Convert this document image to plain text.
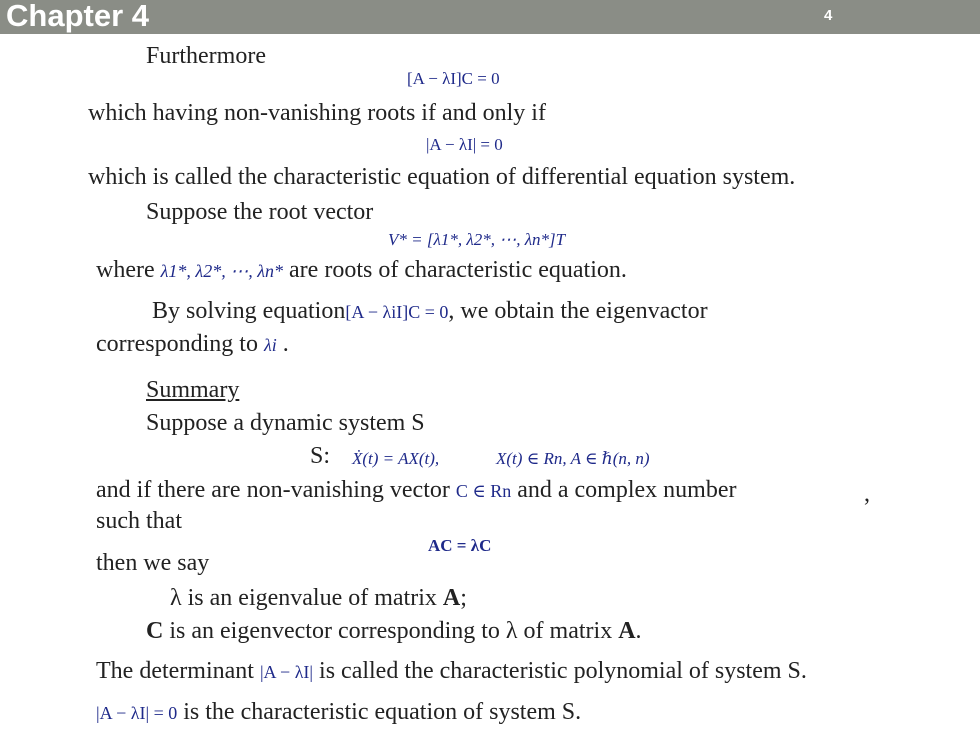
Chapter 4	4
Furthermore
[A − λI]C = 0
which having non-vanishing roots if and only if
|A − λI| = 0
which is called the characteristic equation of differential equation system.
Suppose the root vector
V* = [λ1*, λ2*, ⋯, λn*]T
where λ1*, λ2*, ⋯, λn* are roots of characteristic equation.
By solving equation[A − λiI]C = 0, we obtain the eigenvactor
corresponding to λi .
Summary
Suppose a dynamic system S
S: Ẋ(t) = AX(t),	X(t) ∈ Rn, A ∈ ℏ(n, n)
and if there are non-vanishing vector C ∈ Rn and a complex number	,
such that
AC = λC
then we say
λ is an eigenvalue of matrix A;
C is an eigenvector corresponding to λ of matrix A.
The determinant |A − λI| is called the characteristic polynomial of system S.
|A − λI| = 0 is the characteristic equation of system S.
